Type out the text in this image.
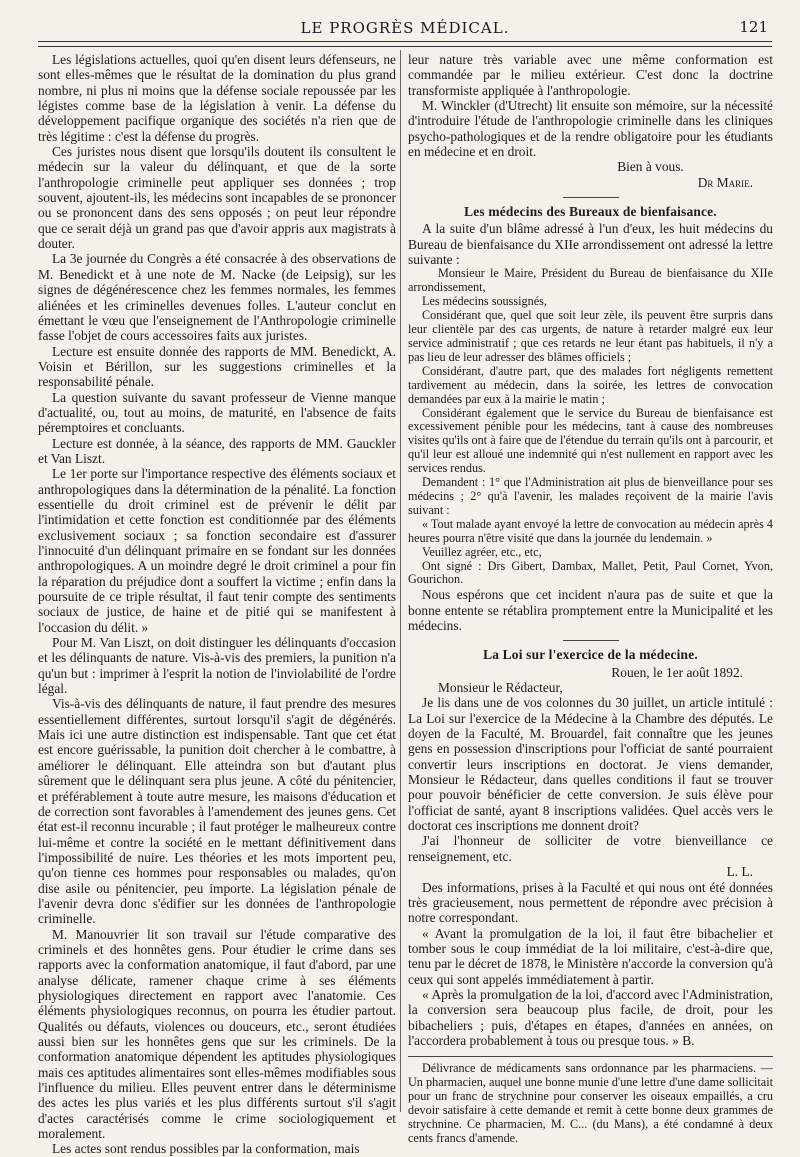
LE PROGRÈS MÉDICAL.	121

Les législations actuelles, quoi qu'en disent leurs défenseurs, ne sont elles-mêmes que le résultat de la domination du plus grand nombre, ni plus ni moins que la défense sociale repoussée par les légistes comme base de la législation à venir. La défense du développement pacifique organique des sociétés n'a rien que de très légitime : c'est la défense du progrès.

Ces juristes nous disent que lorsqu'ils doutent ils consultent le médecin sur la valeur du délinquant, et que de la sorte l'anthropologie criminelle peut appliquer ses données ; trop souvent, ajoutent-ils, les médecins sont incapables de se prononcer ou se prononcent dans des sens opposés ; on peut leur répondre que ce serait déjà un grand pas que d'avoir appris aux magistrats à douter.

La 3e journée du Congrès a été consacrée à des observations de M. Benedickt et à une note de M. Nacke (de Leipsig), sur les signes de dégénérescence chez les femmes normales, les femmes aliénées et les criminelles devenues folles. L'auteur conclut en émettant le vœu que l'enseignement de l'Anthropologie criminelle fasse l'objet de cours accessoires faits aux juristes.

Lecture est ensuite donnée des rapports de MM. Benedickt, A. Voisin et Bérillon, sur les suggestions criminelles et la responsabilité pénale.

La question suivante du savant professeur de Vienne manque d'actualité, ou, tout au moins, de maturité, en l'absence de faits péremptoires et concluants.

Lecture est donnée, à la séance, des rapports de MM. Gauckler et Van Liszt.

Le 1er porte sur l'importance respective des éléments sociaux et anthropologiques dans la détermination de la pénalité. La fonction essentielle du droit criminel est de prévenir le délit par l'intimidation et cette fonction est conditionnée par des éléments exclusivement sociaux ; sa fonction secondaire est d'assurer l'innocuité d'un délinquant primaire en se fondant sur les données anthropologiques. A un moindre degré le droit criminel a pour fin la réparation du préjudice dont a souffert la victime ; enfin dans la poursuite de ce triple résultat, il faut tenir compte des sentiments sociaux de justice, de haine et de pitié qui se manifestent à l'occasion du délit. »

Pour M. Van Liszt, on doit distinguer les délinquants d'occasion et les délinquants de nature. Vis-à-vis des premiers, la punition n'a qu'un but : imprimer à l'esprit la notion de l'inviolabilité de l'ordre légal.

Vis-à-vis des délinquants de nature, il faut prendre des mesures essentiellement différentes, surtout lorsqu'il s'agit de dégénérés. Mais ici une autre distinction est indispensable. Tant que cet état est encore guérissable, la punition doit chercher à le combattre, à améliorer le délinquant. Elle atteindra son but d'autant plus sûrement que le délinquant sera plus jeune. A côté du pénitencier, et préférablement à toute autre mesure, les maisons d'éducation et de correction sont favorables à l'amendement des jeunes gens. Cet état est-il reconnu incurable ; il faut protéger le malheureux contre lui-même et contre la société en le mettant définitivement dans l'impossibilité de nuire. Les théories et les mots importent peu, qu'on tienne ces hommes pour responsables ou malades, qu'on dise asile ou pénitencier, peu importe. La législation pénale de l'avenir devra donc s'édifier sur les données de l'anthropologie criminelle.

M. Manouvrier lit son travail sur l'étude comparative des criminels et des honnêtes gens. Pour étudier le crime dans ses rapports avec la conformation anatomique, il faut d'abord, par une analyse délicate, ramener chaque crime à ses éléments physiologiques directement en rapport avec l'anatomie. Ces éléments physiologiques reconnus, on pourra les étudier partout. Qualités ou défauts, violences ou douceurs, etc., seront étudiées aussi bien sur les honnêtes gens que sur les criminels. De la conformation anatomique dépendent les aptitudes physiologiques mais ces aptitudes alimentaires sont elles-mêmes modifiables sous l'influence du milieu. Elles peuvent entrer dans le déterminisme des actes les plus variés et les plus différents surtout s'il s'agit d'actes caractérisés comme le crime sociologiquement et moralement.

Les actes sont rendus possibles par la conformation, mais

leur nature très variable avec une même conformation est commandée par le milieu extérieur. C'est donc la doctrine transformiste appliquée à l'anthropologie.

M. Winckler (d'Utrecht) lit ensuite son mémoire, sur la nécessité d'introduire l'étude de l'anthropologie criminelle dans les cliniques psycho-pathologiques et de la rendre obligatoire pour les étudiants en médecine et en droit.

Bien à vous.

Dr Marie.

Les médecins des Bureaux de bienfaisance.

A la suite d'un blâme adressé à l'un d'eux, les huit médecins du Bureau de bienfaisance du XIIe arrondissement ont adressé la lettre suivante :

Monsieur le Maire, Président du Bureau de bienfaisance du XIIe arrondissement,

Les médecins soussignés,

Considérant que, quel que soit leur zèle, ils peuvent être surpris dans leur clientèle par des cas urgents, de nature à retarder malgré eux leur service administratif ; que ces retards ne leur étant pas habituels, il n'y a pas lieu de leur adresser des blâmes officiels ;

Considérant, d'autre part, que des malades fort négligents remettent tardivement au médecin, dans la soirée, les lettres de convocation demandées par eux à la mairie le matin ;

Considérant également que le service du Bureau de bienfaisance est excessivement pénible pour les médecins, tant à cause des nombreuses visites qu'ils ont à faire que de l'étendue du terrain qu'ils ont à parcourir, et qu'il leur est alloué une indemnité qui n'est nullement en rapport avec les services rendus.

Demandent : 1° que l'Administration ait plus de bienveillance pour ses médecins ; 2° qu'à l'avenir, les malades reçoivent de la mairie l'avis suivant :

« Tout malade ayant envoyé la lettre de convocation au médecin après 4 heures pourra n'être visité que dans la journée du lendemain. »

Veuillez agréer, etc., etc,

Ont signé : Drs Gibert, Dambax, Mallet, Petit, Paul Cornet, Yvon, Gourichon.

Nous espérons que cet incident n'aura pas de suite et que la bonne entente se rétablira promptement entre la Municipalité et les médecins.

La Loi sur l'exercice de la médecine.

Rouen, le 1er août 1892.

Monsieur le Rédacteur,

Je lis dans une de vos colonnes du 30 juillet, un article intitulé : La Loi sur l'exercice de la Médecine à la Chambre des députés. Le doyen de la Faculté, M. Brouardel, fait connaître que les jeunes gens en possession d'inscriptions pour l'officiat de santé pourraient convertir leurs inscriptions en doctorat. Je viens demander, Monsieur le Rédacteur, dans quelles conditions il faut se trouver pour pouvoir bénéficier de cette conversion. Je suis élève pour l'officiat de santé, ayant 8 inscriptions validées. Quel accès vers le doctorat ces inscriptions me donnent droit?

J'ai l'honneur de solliciter de votre bienveillance ce renseignement, etc.

L. L.

Des informations, prises à la Faculté et qui nous ont été données très gracieusement, nous permettent de répondre avec précision à notre correspondant.

« Avant la promulgation de la loi, il faut être bibachelier et tomber sous le coup immédiat de la loi militaire, c'est-à-dire que, tenu par le décret de 1878, le Ministère n'accorde la conversion qu'à ceux qui sont appelés immédiatement à partir.

« Après la promulgation de la loi, d'accord avec l'Administration, la conversion sera beaucoup plus facile, de droit, pour les bibacheliers ; puis, d'étapes en étapes, d'années en années, on l'accordera probablement à tous ou presque tous. » B.

Délivrance de médicaments sans ordonnance par les pharmaciens. — Un pharmacien, auquel une bonne munie d'une lettre d'une dame sollicitait pour un franc de strychnine pour conserver les oiseaux empaillés, a cru devoir satisfaire à cette demande et remit à cette bonne deux grammes de strychnine. Ce pharmacien, M. C... (du Mans), a été condamné à deux cents francs d'amende.
